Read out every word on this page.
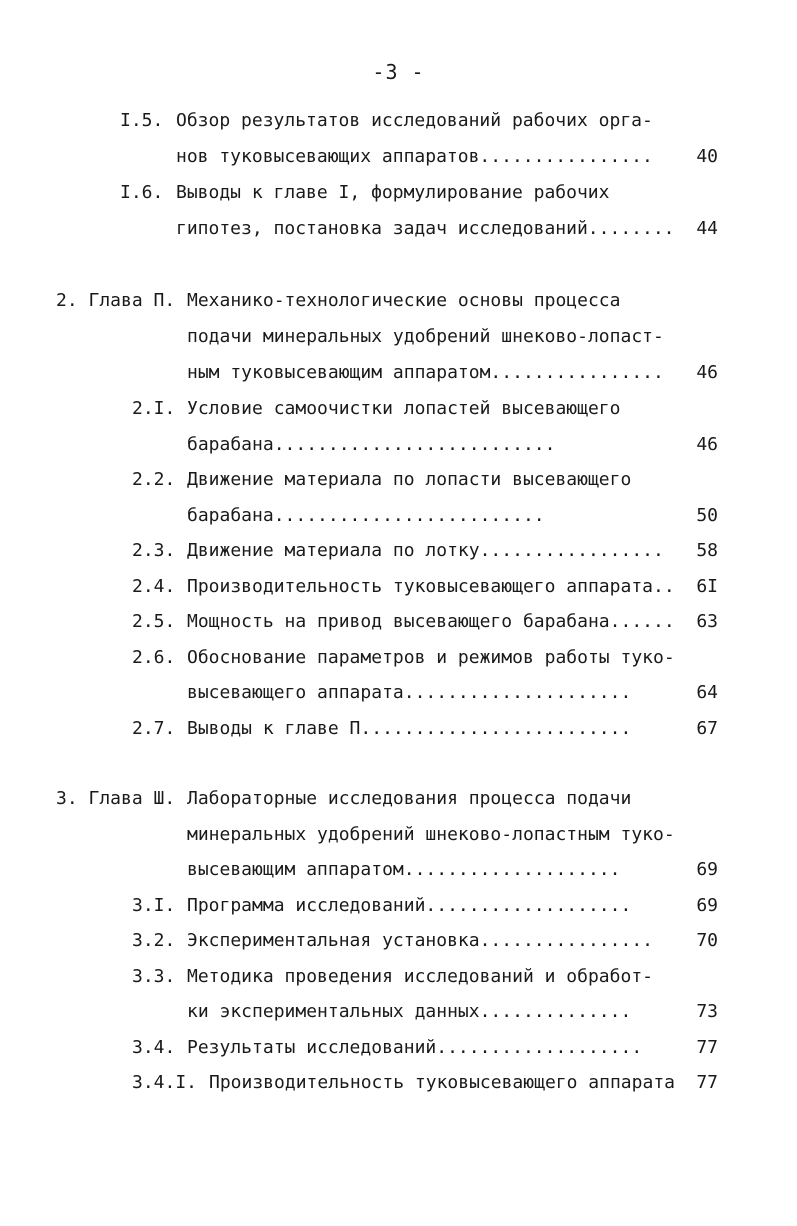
-3 -
I.5. Обзор результатов исследований рабочих орга-
нов туковысевающих аппаратов................	40
I.6. Выводы к главе I, формулирование рабочих
гипотез, постановка задач исследований........	44
2. Глава П. Механико-технологические основы процесса
подачи минеральных удобрений шнеково-лопаст-
ным туковысевающим аппаратом................	46
2.I. Условие самоочистки лопастей высевающего
барабана..........................	46
2.2. Движение материала по лопасти высевающего
барабана.........................	50
2.3. Движение материала по лотку.................	58
2.4. Производительность туковысевающего аппарата..	6I
2.5. Мощность на привод высевающего барабана......	63
2.6. Обоснование параметров и режимов работы туко-
высевающего аппарата.....................	64
2.7. Выводы к главе П.........................	67
3. Глава Ш. Лабораторные исследования процесса подачи
минеральных удобрений шнеково-лопастным туко-
высевающим аппаратом....................	69
3.I. Программа исследований...................	69
3.2. Экспериментальная установка................	70
3.3. Методика проведения исследований и обработ-
ки экспериментальных данных..............	73
3.4. Результаты исследований...................	77
3.4.I. Производительность туковысевающего аппарата	77
